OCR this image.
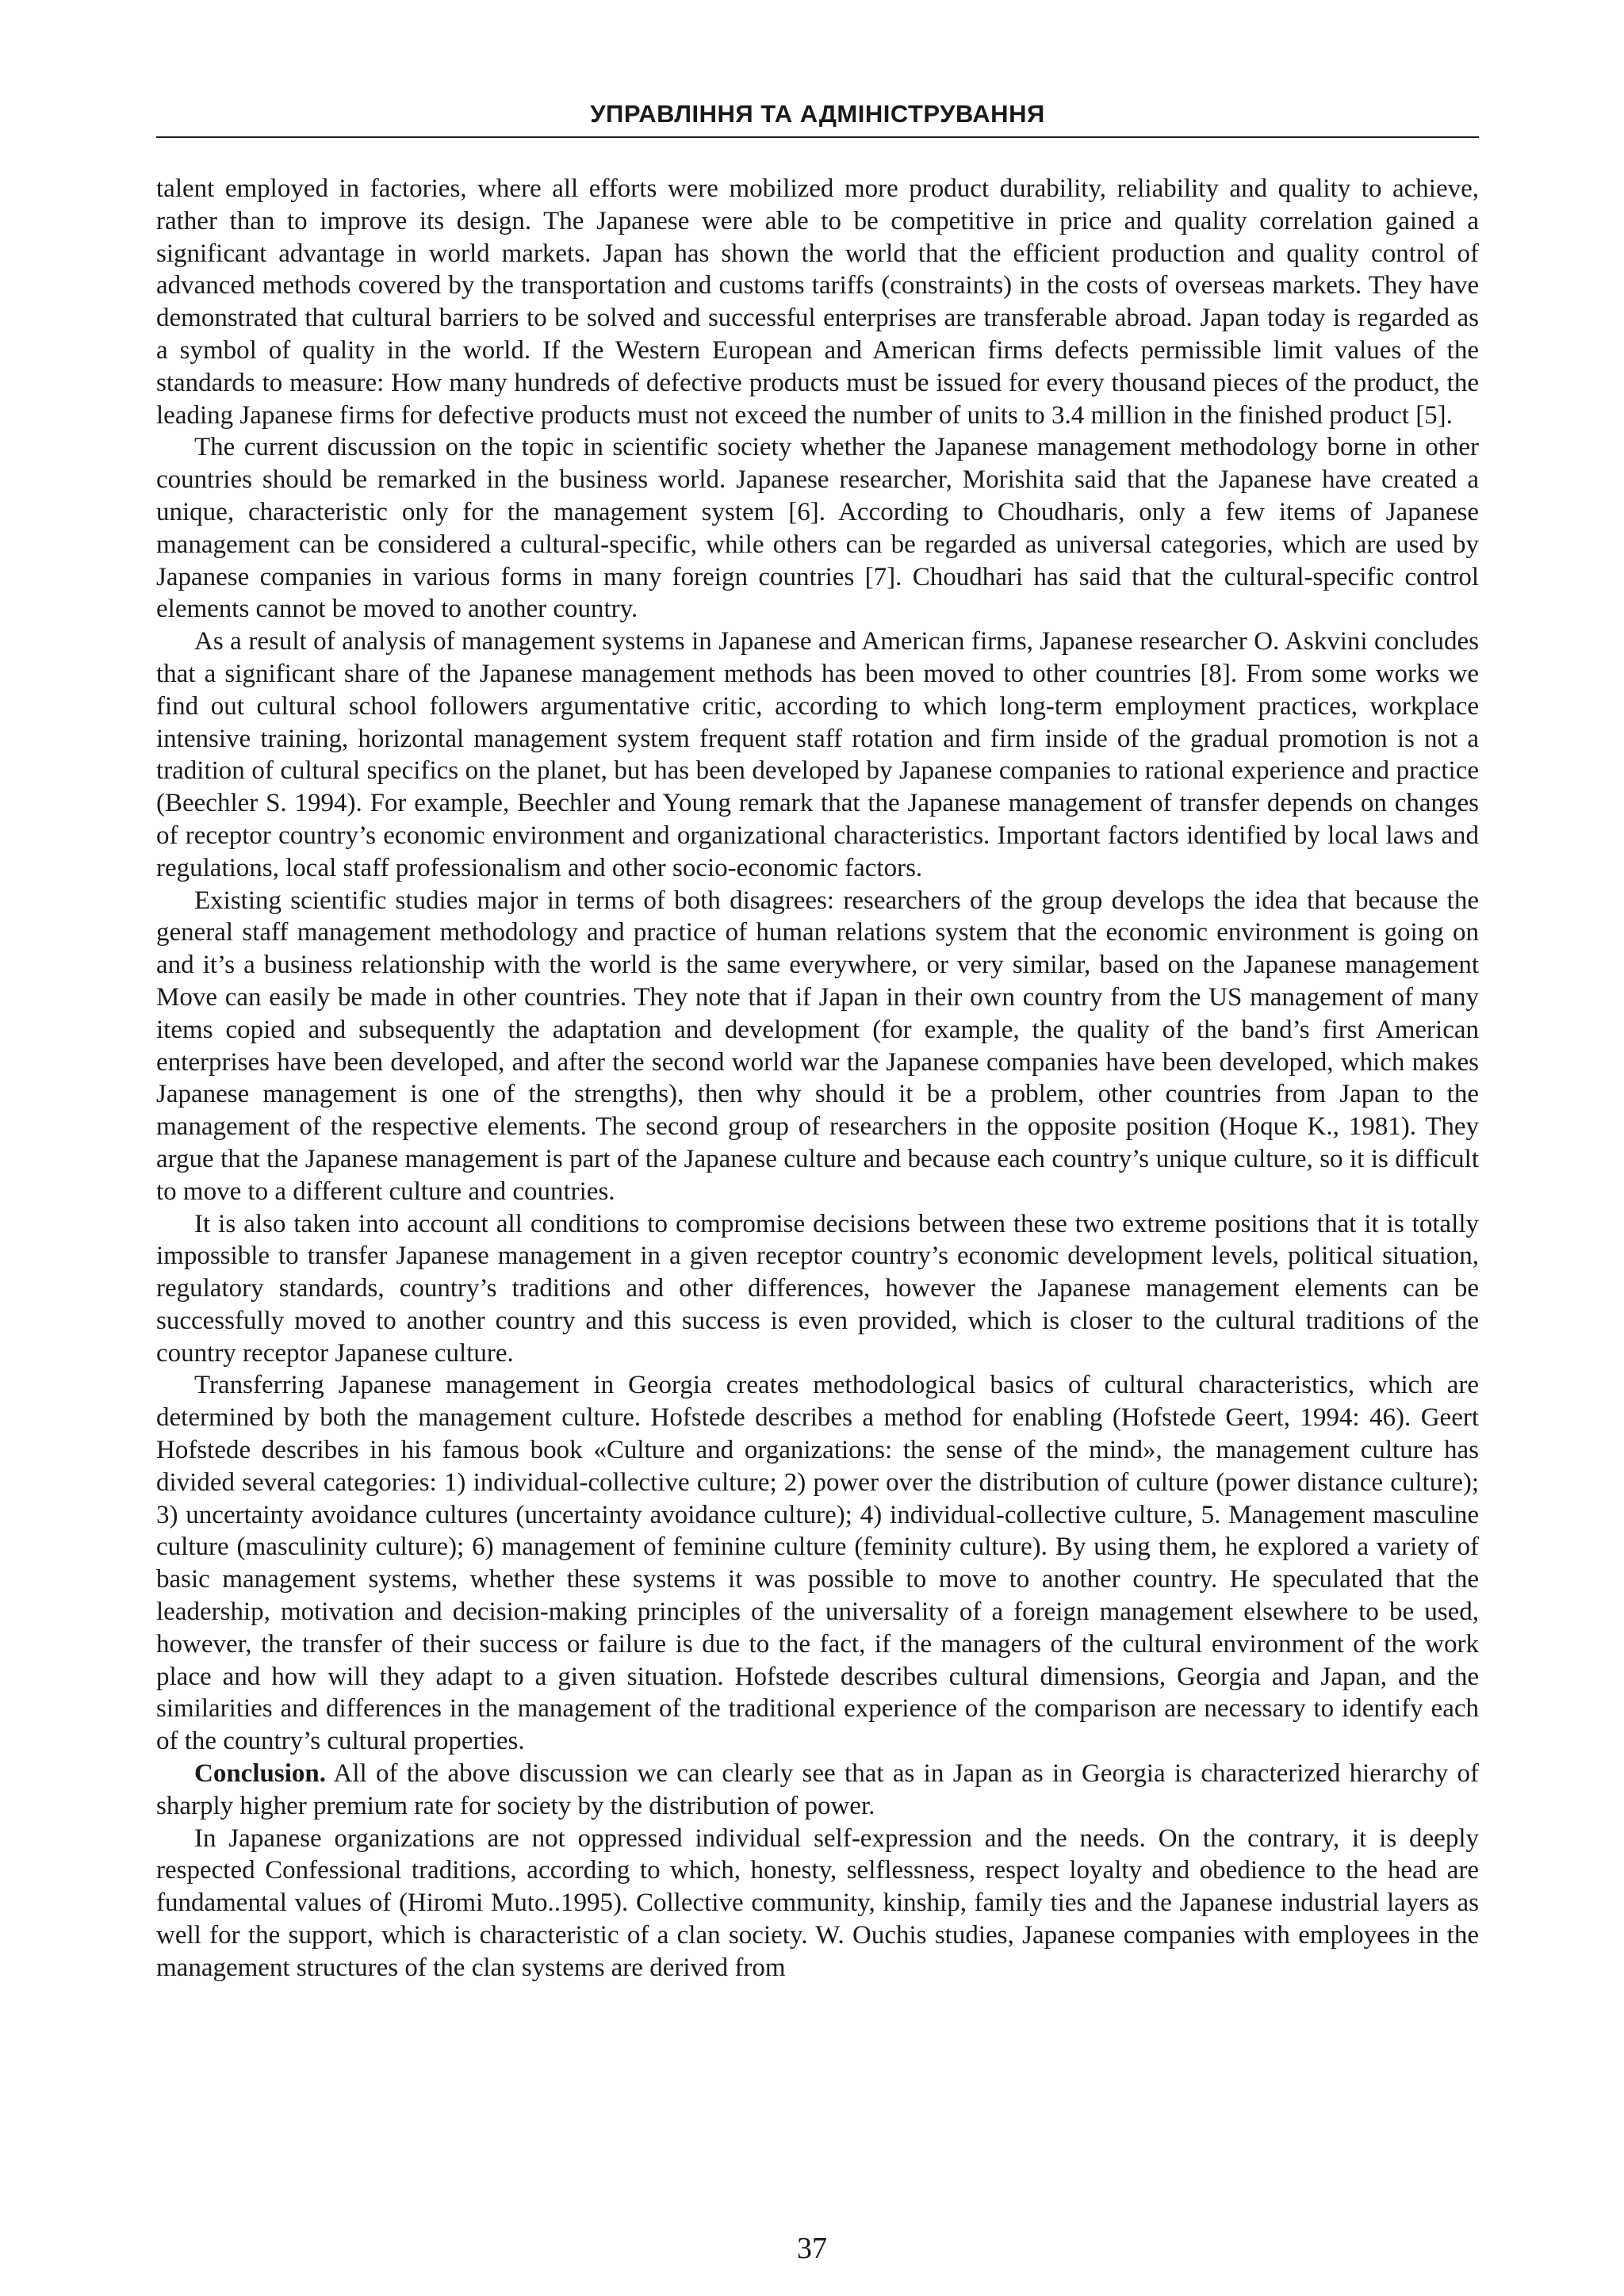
УПРАВЛІННЯ ТА АДМІНІСТРУВАННЯ

talent employed in factories, where all efforts were mobilized more product durability, reliability and quality to achieve, rather than to improve its design. The Japanese were able to be competitive in price and quality correlation gained a significant advantage in world markets. Japan has shown the world that the efficient production and quality control of advanced methods covered by the transportation and customs tariffs (constraints) in the costs of overseas markets. They have demonstrated that cultural barriers to be solved and successful enterprises are transferable abroad. Japan today is regarded as a symbol of quality in the world. If the Western European and American firms defects permissible limit values of the standards to measure: How many hundreds of defective products must be issued for every thousand pieces of the product, the leading Japanese firms for defective products must not exceed the number of units to 3.4 million in the finished product [5].

The current discussion on the topic in scientific society whether the Japanese management methodology borne in other countries should be remarked in the business world. Japanese researcher, Morishita said that the Japanese have created a unique, characteristic only for the management system [6]. According to Choudharis, only a few items of Japanese management can be considered a cultural-specific, while others can be regarded as universal categories, which are used by Japanese companies in various forms in many foreign countries [7]. Choudhari has said that the cultural-specific control elements cannot be moved to another country.

As a result of analysis of management systems in Japanese and American firms, Japanese researcher O. Askvini concludes that a significant share of the Japanese management methods has been moved to other countries [8]. From some works we find out cultural school followers argumentative critic, according to which long-term employment practices, workplace intensive training, horizontal management system frequent staff rotation and firm inside of the gradual promotion is not a tradition of cultural specifics on the planet, but has been developed by Japanese companies to rational experience and practice (Beechler S. 1994). For example, Beechler and Young remark that the Japanese management of transfer depends on changes of receptor country’s economic environment and organizational characteristics. Important factors identified by local laws and regulations, local staff professionalism and other socio-economic factors.

Existing scientific studies major in terms of both disagrees: researchers of the group develops the idea that because the general staff management methodology and practice of human relations system that the economic environment is going on and it’s a business relationship with the world is the same everywhere, or very similar, based on the Japanese management Move can easily be made in other countries. They note that if Japan in their own country from the US management of many items copied and subsequently the adaptation and development (for example, the quality of the band’s first American enterprises have been developed, and after the second world war the Japanese companies have been developed, which makes Japanese management is one of the strengths), then why should it be a problem, other countries from Japan to the management of the respective elements. The second group of researchers in the opposite position (Hoque K., 1981). They argue that the Japanese management is part of the Japanese culture and because each country’s unique culture, so it is difficult to move to a different culture and countries.

It is also taken into account all conditions to compromise decisions between these two extreme positions that it is totally impossible to transfer Japanese management in a given receptor country’s economic development levels, political situation, regulatory standards, country’s traditions and other differences, however the Japanese management elements can be successfully moved to another country and this success is even provided, which is closer to the cultural traditions of the country receptor Japanese culture.

Transferring Japanese management in Georgia creates methodological basics of cultural characteristics, which are determined by both the management culture. Hofstede describes a method for enabling (Hofstede Geert, 1994: 46). Geert Hofstede describes in his famous book «Culture and organizations: the sense of the mind», the management culture has divided several categories: 1) individual-collective culture; 2) power over the distribution of culture (power distance culture); 3) uncertainty avoidance cultures (uncertainty avoidance culture); 4) individual-collective culture, 5. Management masculine culture (masculinity culture); 6) management of feminine culture (feminity culture). By using them, he explored a variety of basic management systems, whether these systems it was possible to move to another country. He speculated that the leadership, motivation and decision-making principles of the universality of a foreign management elsewhere to be used, however, the transfer of their success or failure is due to the fact, if the managers of the cultural environment of the work place and how will they adapt to a given situation. Hofstede describes cultural dimensions, Georgia and Japan, and the similarities and differences in the management of the traditional experience of the comparison are necessary to identify each of the country’s cultural properties.

Conclusion. All of the above discussion we can clearly see that as in Japan as in Georgia is characterized hierarchy of sharply higher premium rate for society by the distribution of power.

In Japanese organizations are not oppressed individual self-expression and the needs. On the contrary, it is deeply respected Confessional traditions, according to which, honesty, selflessness, respect loyalty and obedience to the head are fundamental values of (Hiromi Muto..1995). Collective community, kinship, family ties and the Japanese industrial layers as well for the support, which is characteristic of a clan society. W. Ouchis studies, Japanese companies with employees in the management structures of the clan systems are derived from

37
